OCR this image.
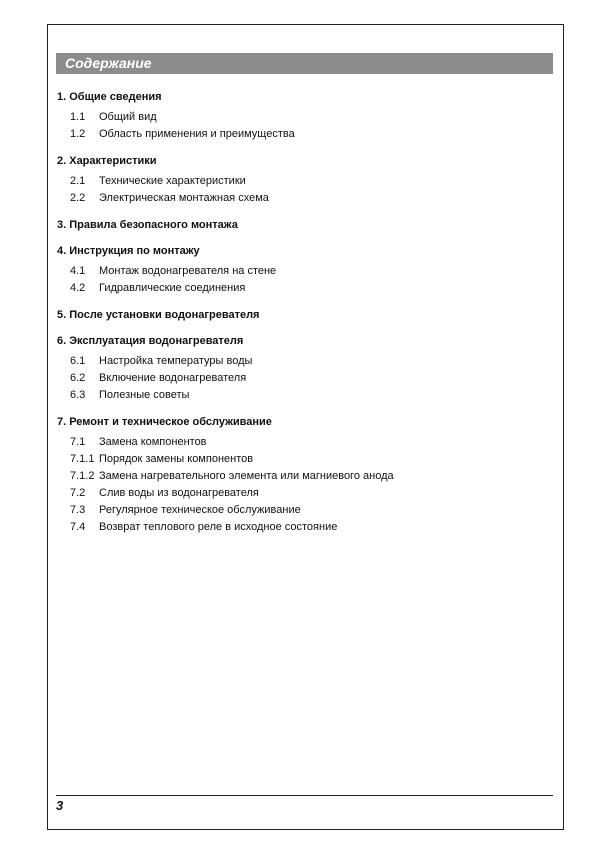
Содержание
1. Общие сведения
1.1	Общий вид
1.2	Область применения и преимущества
2. Характеристики
2.1	Технические характеристики
2.2	Электрическая монтажная схема
3. Правила безопасного монтажа
4. Инструкция по монтажу
4.1	Монтаж водонагревателя на стене
4.2	Гидравлические соединения
5. После установки водонагревателя
6. Эксплуатация водонагревателя
6.1	Настройка температуры воды
6.2	Включение водонагревателя
6.3	Полезные советы
7. Ремонт и техническое обслуживание
7.1	Замена компонентов
7.1.1 Порядок замены компонентов
7.1.2 Замена нагревательного элемента или магниевого анода
7.2	Слив воды из водонагревателя
7.3	Регулярное техническое обслуживание
7.4	Возврат теплового реле в исходное состояние
3
